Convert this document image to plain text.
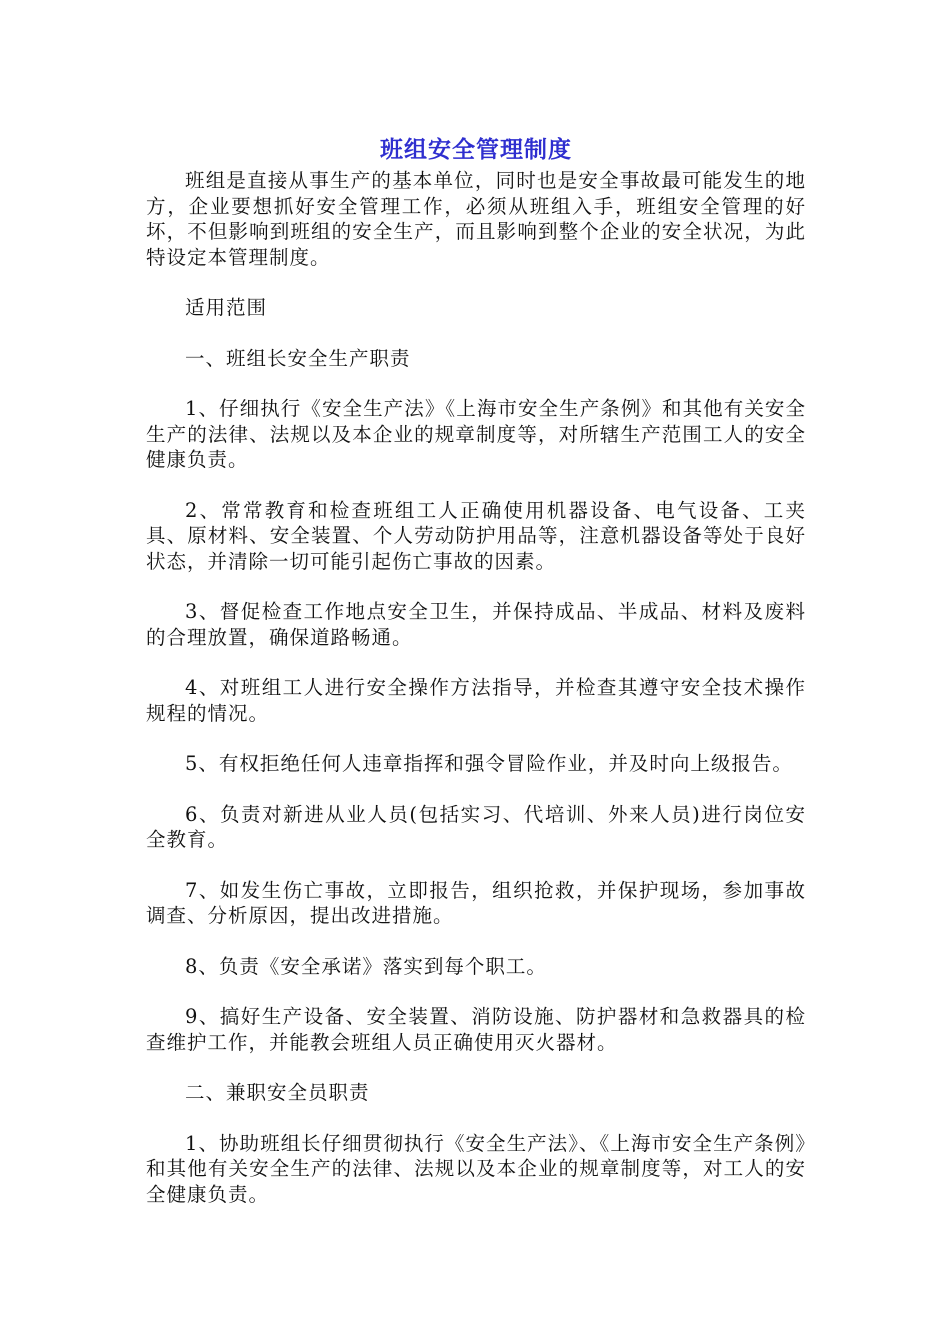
班组安全管理制度

班组是直接从事生产的基本单位，同时也是安全事故最可能发生的地方，企业要想抓好安全管理工作，必须从班组入手，班组安全管理的好坏，不但影响到班组的安全生产，而且影响到整个企业的安全状况，为此特设定本管理制度。

适用范围

一、班组长安全生产职责

1、仔细执行《安全生产法》《上海市安全生产条例》和其他有关安全生产的法律、法规以及本企业的规章制度等，对所辖生产范围工人的安全健康负责。

2、常常教育和检查班组工人正确使用机器设备、电气设备、工夹具、原材料、安全装置、个人劳动防护用品等，注意机器设备等处于良好状态，并清除一切可能引起伤亡事故的因素。

3、督促检查工作地点安全卫生，并保持成品、半成品、材料及废料的合理放置，确保道路畅通。

4、对班组工人进行安全操作方法指导，并检查其遵守安全技术操作规程的情况。

5、有权拒绝任何人违章指挥和强令冒险作业，并及时向上级报告。

6、负责对新进从业人员(包括实习、代培训、外来人员)进行岗位安全教育。

7、如发生伤亡事故，立即报告，组织抢救，并保护现场，参加事故调查、分析原因，提出改进措施。

8、负责《安全承诺》落实到每个职工。

9、搞好生产设备、安全装置、消防设施、防护器材和急救器具的检查维护工作，并能教会班组人员正确使用灭火器材。

二、兼职安全员职责

1、协助班组长仔细贯彻执行《安全生产法》、《上海市安全生产条例》和其他有关安全生产的法律、法规以及本企业的规章制度等，对工人的安全健康负责。
